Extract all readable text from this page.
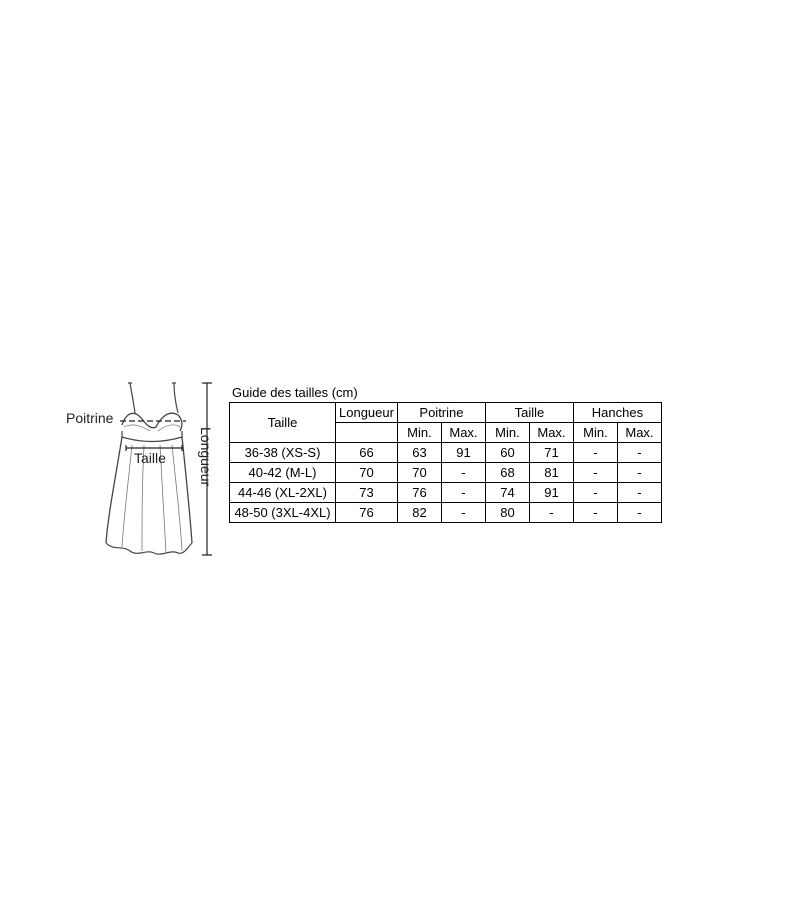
Poitrine
Taille Longueur
Guide des tailles (cm)
Taille	Longueur	Poitrine		Taille		Hanches	
		Min.	Max.	Min.	Max.	Min.	Max.
36-38 (XS-S)	66	63	91	60	71	-	-
40-42 (M-L)	70	70	-	68	81	-	-
44-46 (XL-2XL)	73	76	-	74	91	-	-
48-50 (3XL-4XL)	76	82	-	80	-	-	-
